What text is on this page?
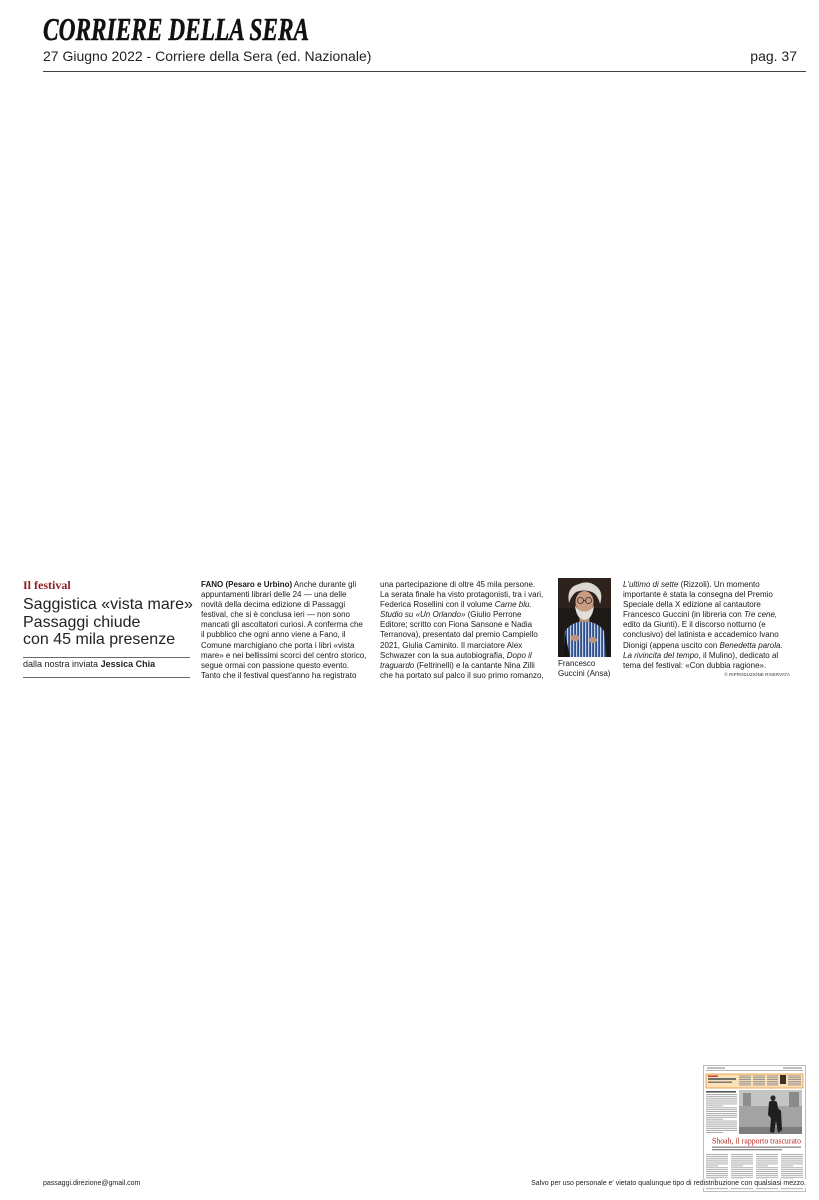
CORRIERE DELLA SERA
27 Giugno 2022 - Corriere della Sera (ed. Nazionale)	pag. 37
Il festival
Saggistica «vista mare»
Passaggi chiude
con 45 mila presenze
dalla nostra inviata Jessica Chia
FANO (Pesaro e Urbino) Anche durante gli
appuntamenti librari delle 24 — una delle
novità della decima edizione di Passaggi
festival, che si è conclusa ieri — non sono
mancati gli ascoltatori curiosi. A conferma che
il pubblico che ogni anno viene a Fano, il
Comune marchigiano che porta i libri «vista
mare» e nei bellissimi scorci del centro storico,
segue ormai con passione questo evento.
Tanto che il festival quest'anno ha registrato
una partecipazione di oltre 45 mila persone.
La serata finale ha visto protagonisti, tra i vari,
Federica Rosellini con il volume Carne blu.
Studio su «Un Orlando» (Giulio Perrone
Editore; scritto con Fiona Sansone e Nadia
Terranova), presentato dal premio Campiello
2021, Giulia Caminito. Il marciatore Alex
Schwazer con la sua autobiografia, Dopo il
traguardo (Feltrinelli) e la cantante Nina Zilli
che ha portato sul palco il suo primo romanzo,
Francesco
Guccini (Ansa)
L'ultimo di sette (Rizzoli). Un momento
importante è stata la consegna del Premio
Speciale della X edizione al cantautore
Francesco Guccini (in libreria con Tre cene,
edito da Giunti). E il discorso notturno (e
conclusivo) del latinista e accademico Ivano
Dionigi (appena uscito con Benedetta parola.
La rivincita del tempo, il Mulino), dedicato al
tema del festival: «Con dubbia ragione».
© RIPRODUZIONE RISERVATA
Shoah, il rapporto trascurato
passaggi.direzione@gmail.com	Salvo per uso personale e' vietato qualunque tipo di redistribuzione con qualsiasi mezzo.
